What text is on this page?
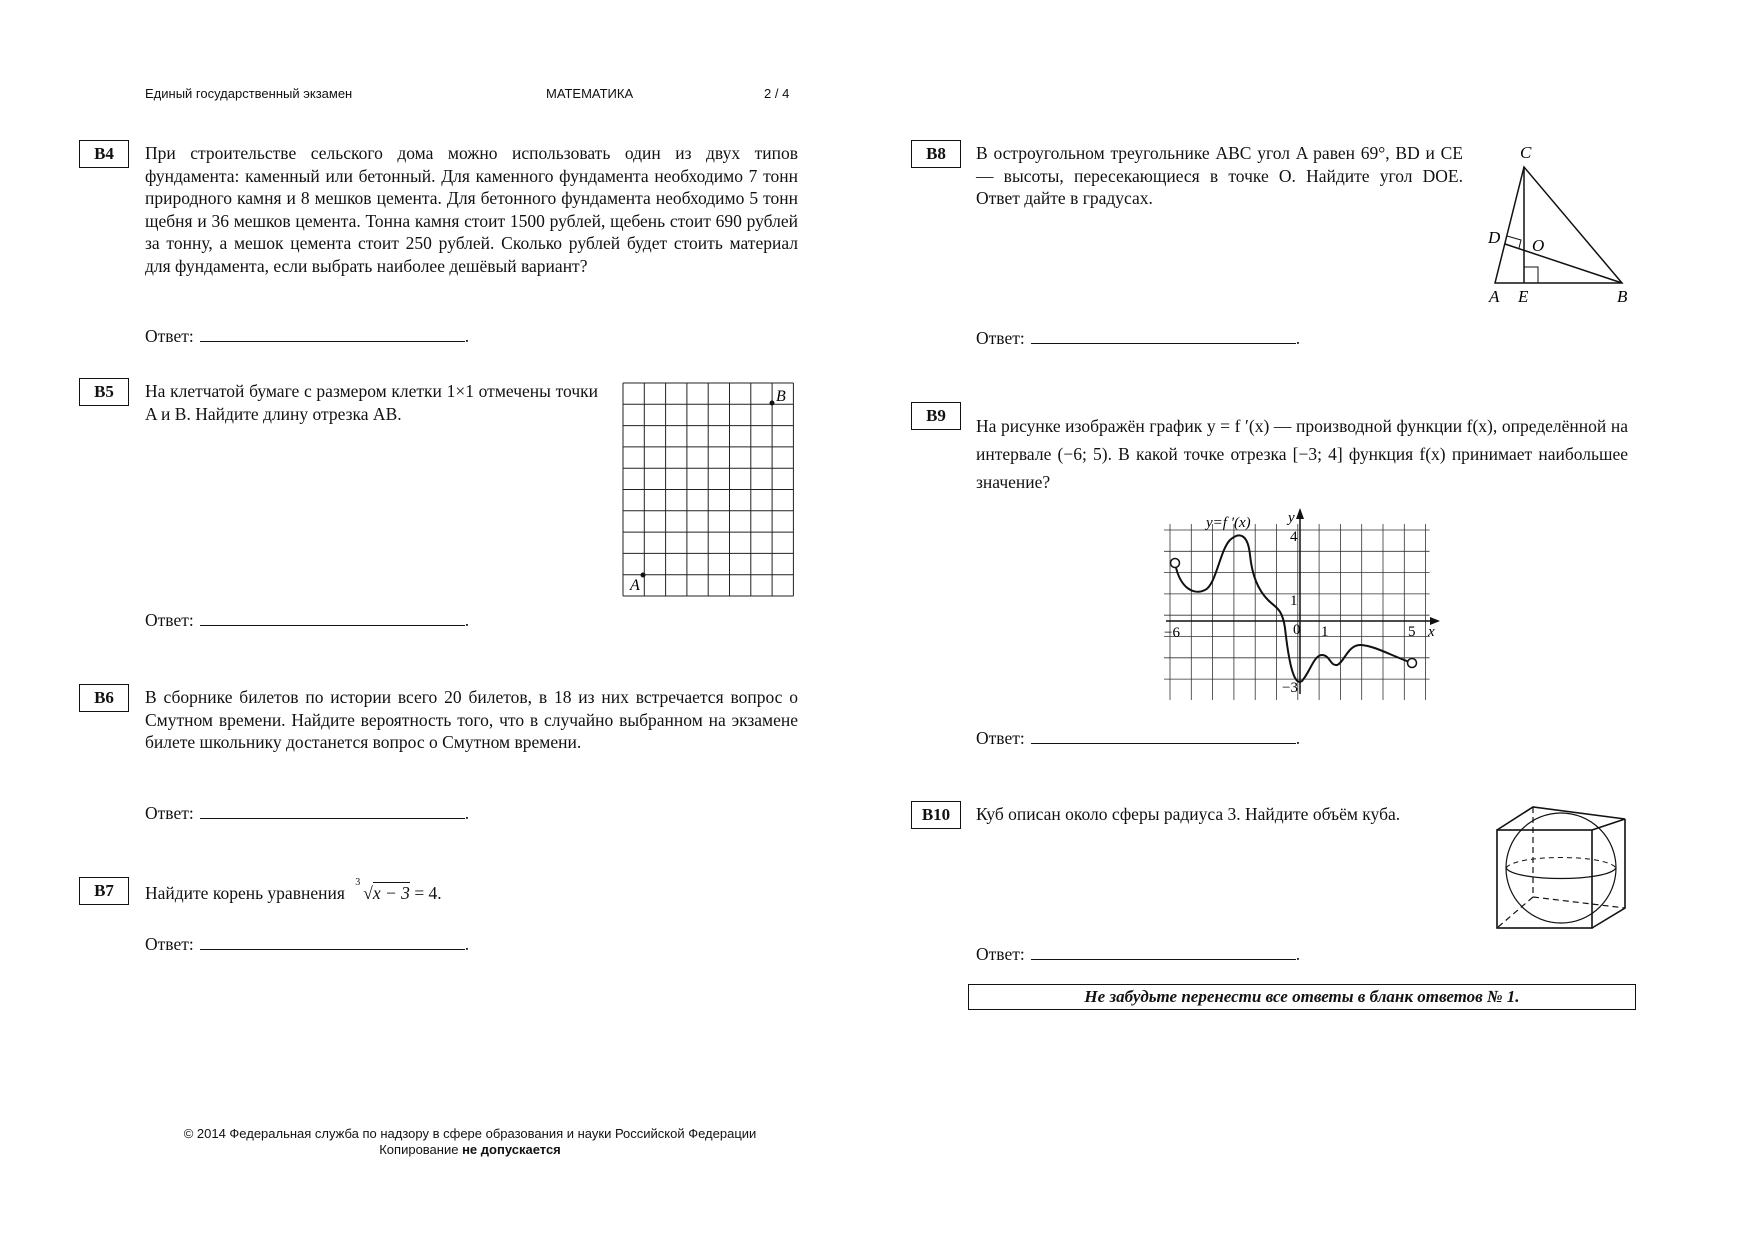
Единый государственный экзамен	МАТЕМАТИКА	2 / 4
B4	При строительстве сельского дома можно использовать один из двух типов фундамента: каменный или бетонный. Для каменного фундамента необходимо 7 тонн природного камня и 8 мешков цемента. Для бетонного фундамента необходимо 5 тонн щебня и 36 мешков цемента. Тонна камня стоит 1500 рублей, щебень стоит 690 рублей за тонну, а мешок цемента стоит 250 рублей. Сколько рублей будет стоить материал для фундамента, если выбрать наиболее дешёвый вариант?
Ответ:	.
B5	На клетчатой бумаге с размером клетки 1×1 отмечены точки A и B. Найдите длину отрезка AB.
A
B
Ответ:	.
B6	В сборнике билетов по истории всего 20 билетов, в 18 из них встречается вопрос о Смутном времени. Найдите вероятность того, что в случайно выбранном на экзамене билете школьнику достанется вопрос о Смутном времени.
Ответ:	.
B7	Найдите корень уравнения
3
√x − 3 = 4.
Ответ:	.
B8	В остроугольном треугольнике ABC угол A равен 69°, BD и CE — высоты, пересекающиеся в точке O. Найдите угол DOE. Ответ дайте в градусах.
C
A E	B
D O
Ответ:	.
B9
На рисунке изображён график y = f ′(x) — производной функции f(x), определённой на интервале (−6; 5). В какой точке отрезка [−3; 4] функция f(x) принимает наибольшее значение?
y=f ′(x) y
x
4
1
−3
−6	0 1	5
Ответ:	.
B10	Куб описан около сферы радиуса 3. Найдите объём куба.
Ответ:	.
Не забудьте перенести все ответы в бланк ответов № 1.
© 2014 Федеральная служба по надзору в сфере образования и науки Российской Федерации
Копирование не допускается
